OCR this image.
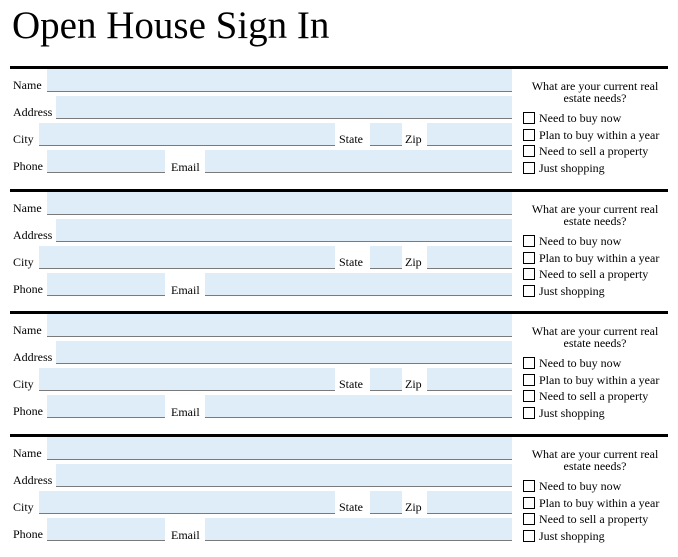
Open House Sign In
Name
Address
City	State	Zip
Phone	Email
What are your current real
estate needs?
Need to buy now
Plan to buy within a year
Need to sell a property
Just shopping
Name
Address
City	State	Zip
Phone	Email
What are your current real
estate needs?
Need to buy now
Plan to buy within a year
Need to sell a property
Just shopping
Name
Address
City	State	Zip
Phone	Email
What are your current real
estate needs?
Need to buy now
Plan to buy within a year
Need to sell a property
Just shopping
Name
Address
City	State	Zip
Phone	Email
What are your current real
estate needs?
Need to buy now
Plan to buy within a year
Need to sell a property
Just shopping
